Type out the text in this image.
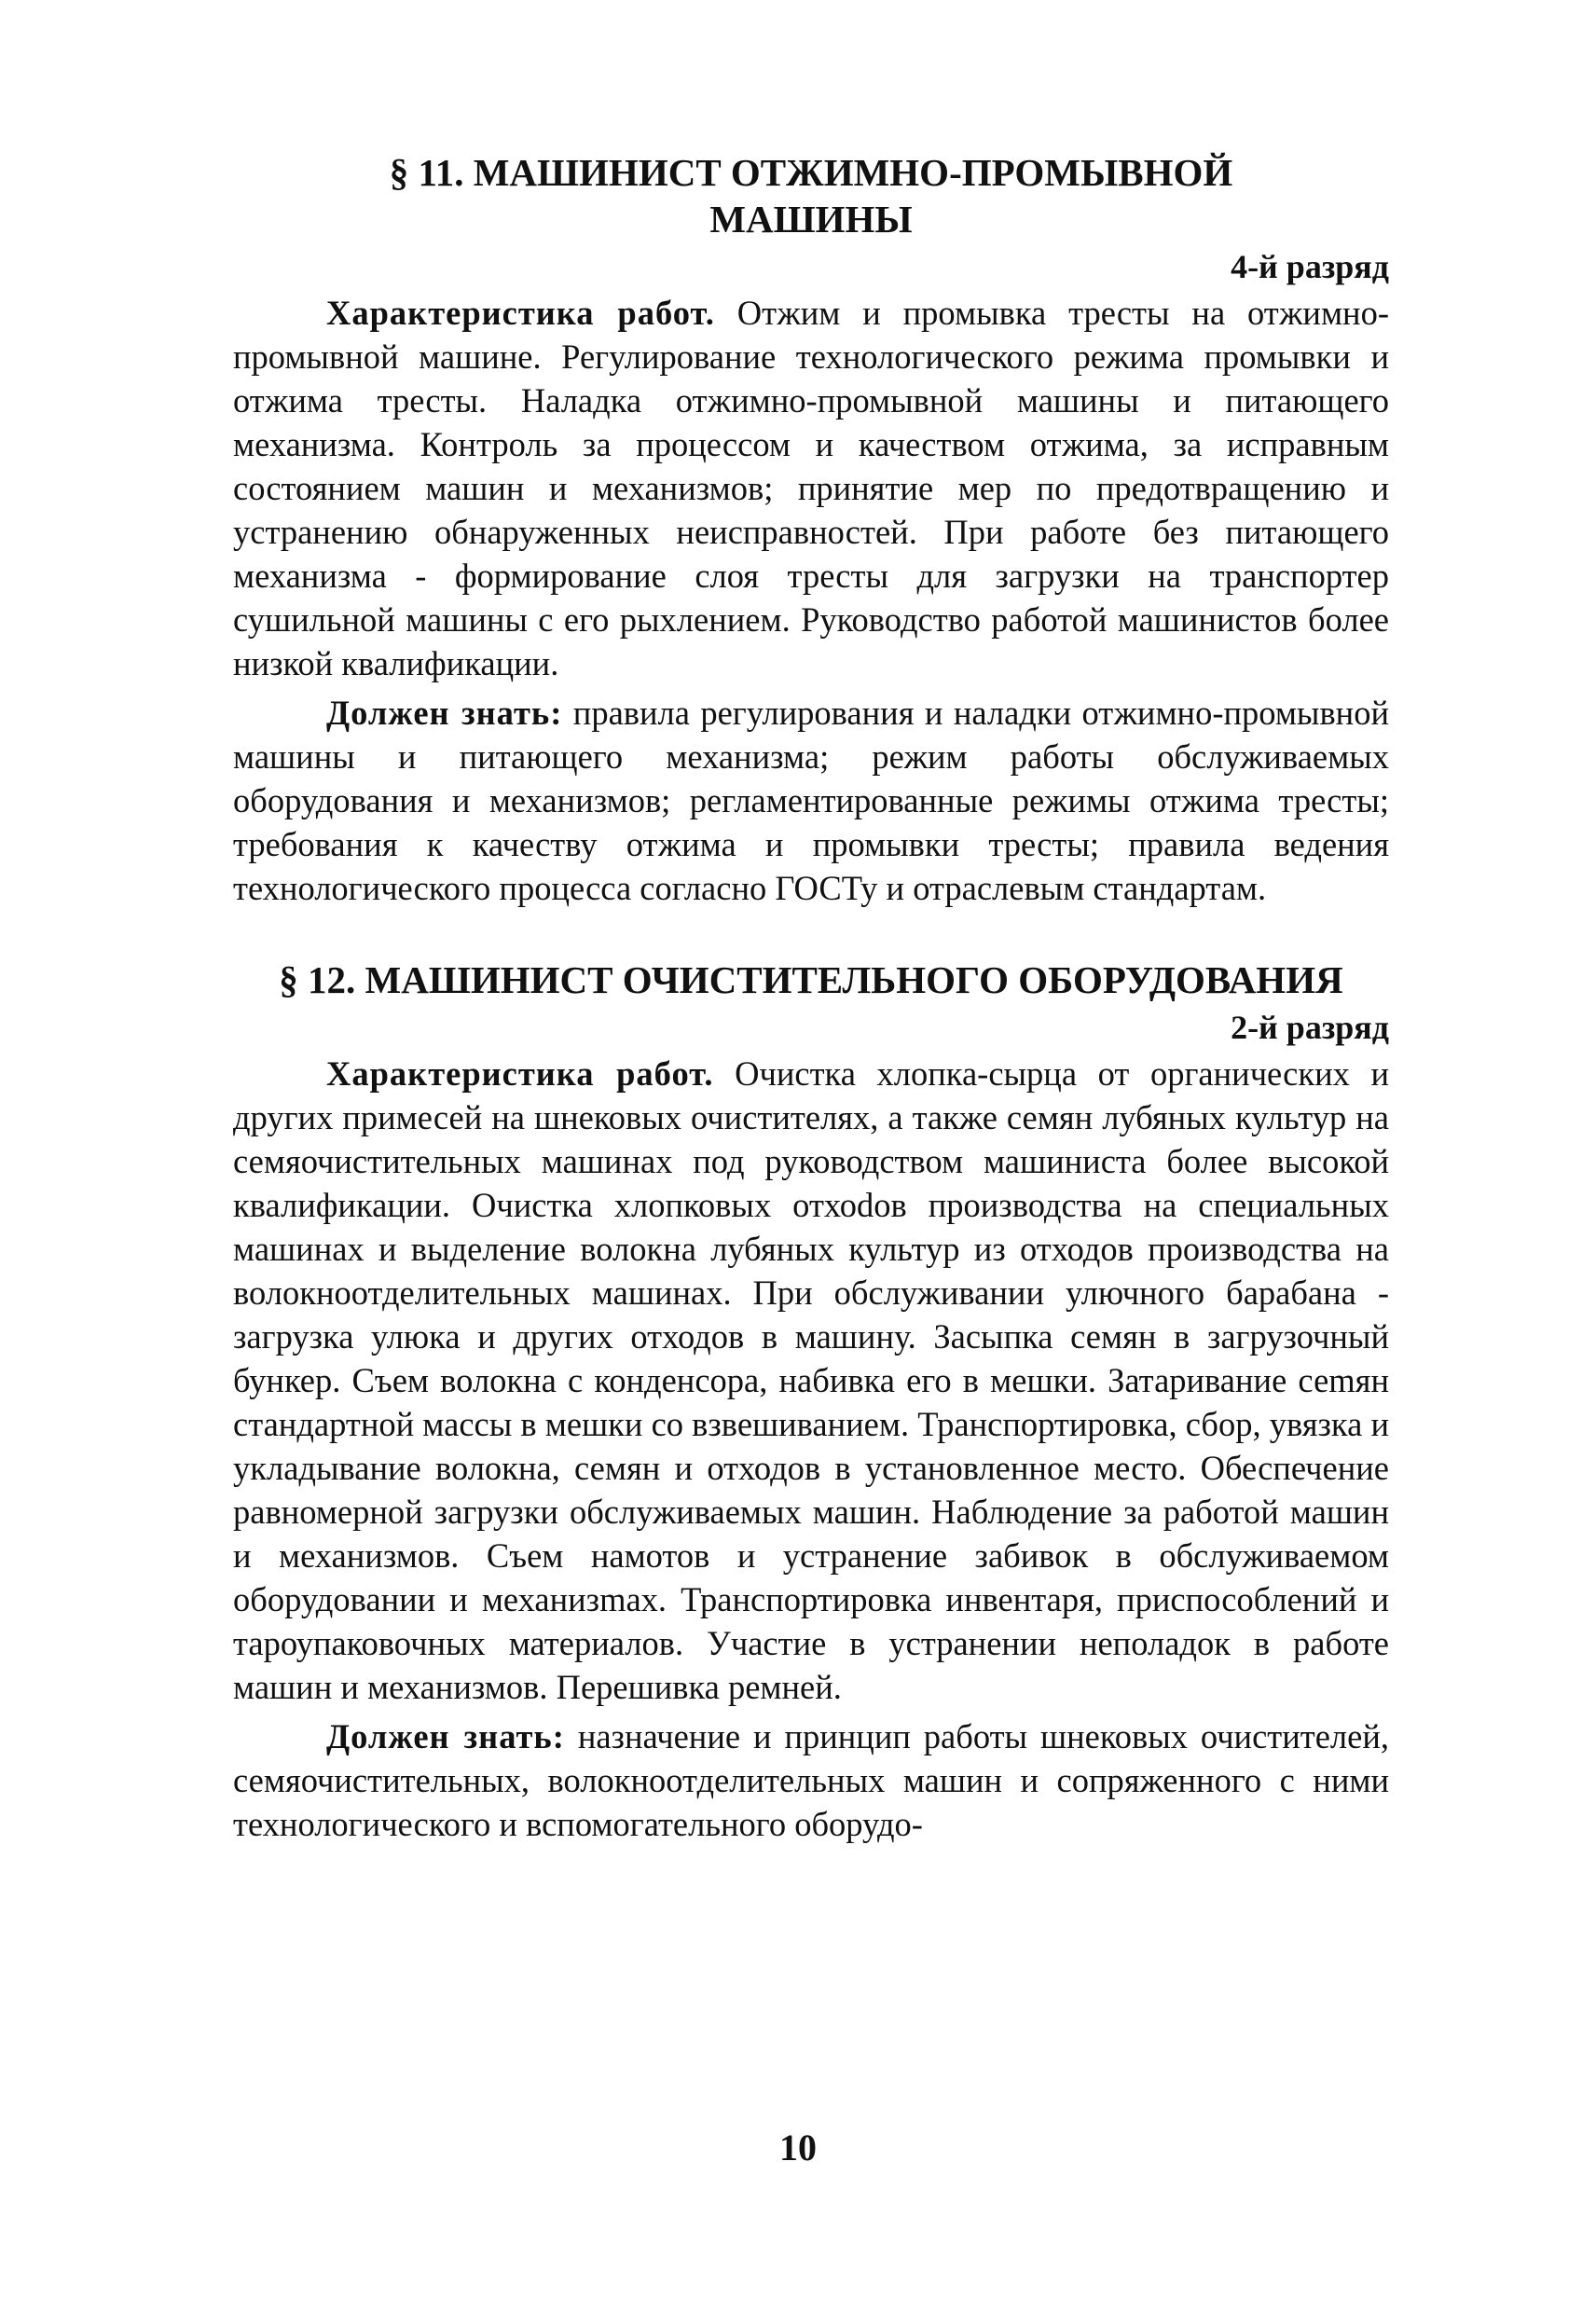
§ 11. МАШИНИСТ ОТЖИМНО-ПРОМЫВНОЙ
МАШИНЫ
4-й разряд

Характеристика работ. Отжим и промывка тресты на отжимно-промывной машине. Регулирование технологического режима промывки и отжима тресты. Наладка отжимно-промывной машины и питающего механизма. Контроль за процессом и качеством отжима, за исправным состоянием машин и механизмов; принятие мер по предотвращению и устранению обнаруженных неисправностей. При работе без питающего механизма - формирование слоя тресты для загрузки на транспортер сушильной машины с его рыхлением. Руководство работой машинистов более низкой квалификации.

Должен знать: правила регулирования и наладки отжимно-промывной машины и питающего механизма; режим работы обслуживаемых оборудования и механизмов; регламентированные режимы отжима тресты; требования к качеству отжима и промывки тресты; правила ведения технологического процесса согласно ГОСТу и отраслевым стандартам.

§ 12. МАШИНИСТ ОЧИСТИТЕЛЬНОГО ОБОРУДОВАНИЯ
2-й разряд

Характеристика работ. Очистка хлопка-сырца от органических и других примесей на шнековых очистителях, а также семян лубяных культур на семяочистительных машинах под руководством машиниста более высокой квалификации. Очистка хлопковых отхоdов производства на специальных машинах и выделение волокна лубяных культур из отходов производства на волокноотделительных машинах. При обслуживании улючного барабана - загрузка улюка и других отходов в машину. Засыпка семян в загрузочный бункер. Съем волокна с конденсора, набивка его в мешки. Затаривание сеmян стандартной массы в мешки со взвешиванием. Транспортировка, сбор, увязка и укладывание волокна, семян и отходов в установленное место. Обеспечение равномерной загрузки обслуживаемых машин. Наблюдение за работой машин и механизмов. Съем намотов и устранение забивок в обслуживаемом оборудовании и механизmах. Транспортировка инвентаря, приспособлений и тароупаковочных материалов. Участие в устранении неполадок в работе машин и механизмов. Перешивка ремней.

Должен знать: назначение и принцип работы шнековых очистителей, семяочистительных, волокноотделительных машин и сопряженного с ними технологического и вспомогательного оборудо-

10
